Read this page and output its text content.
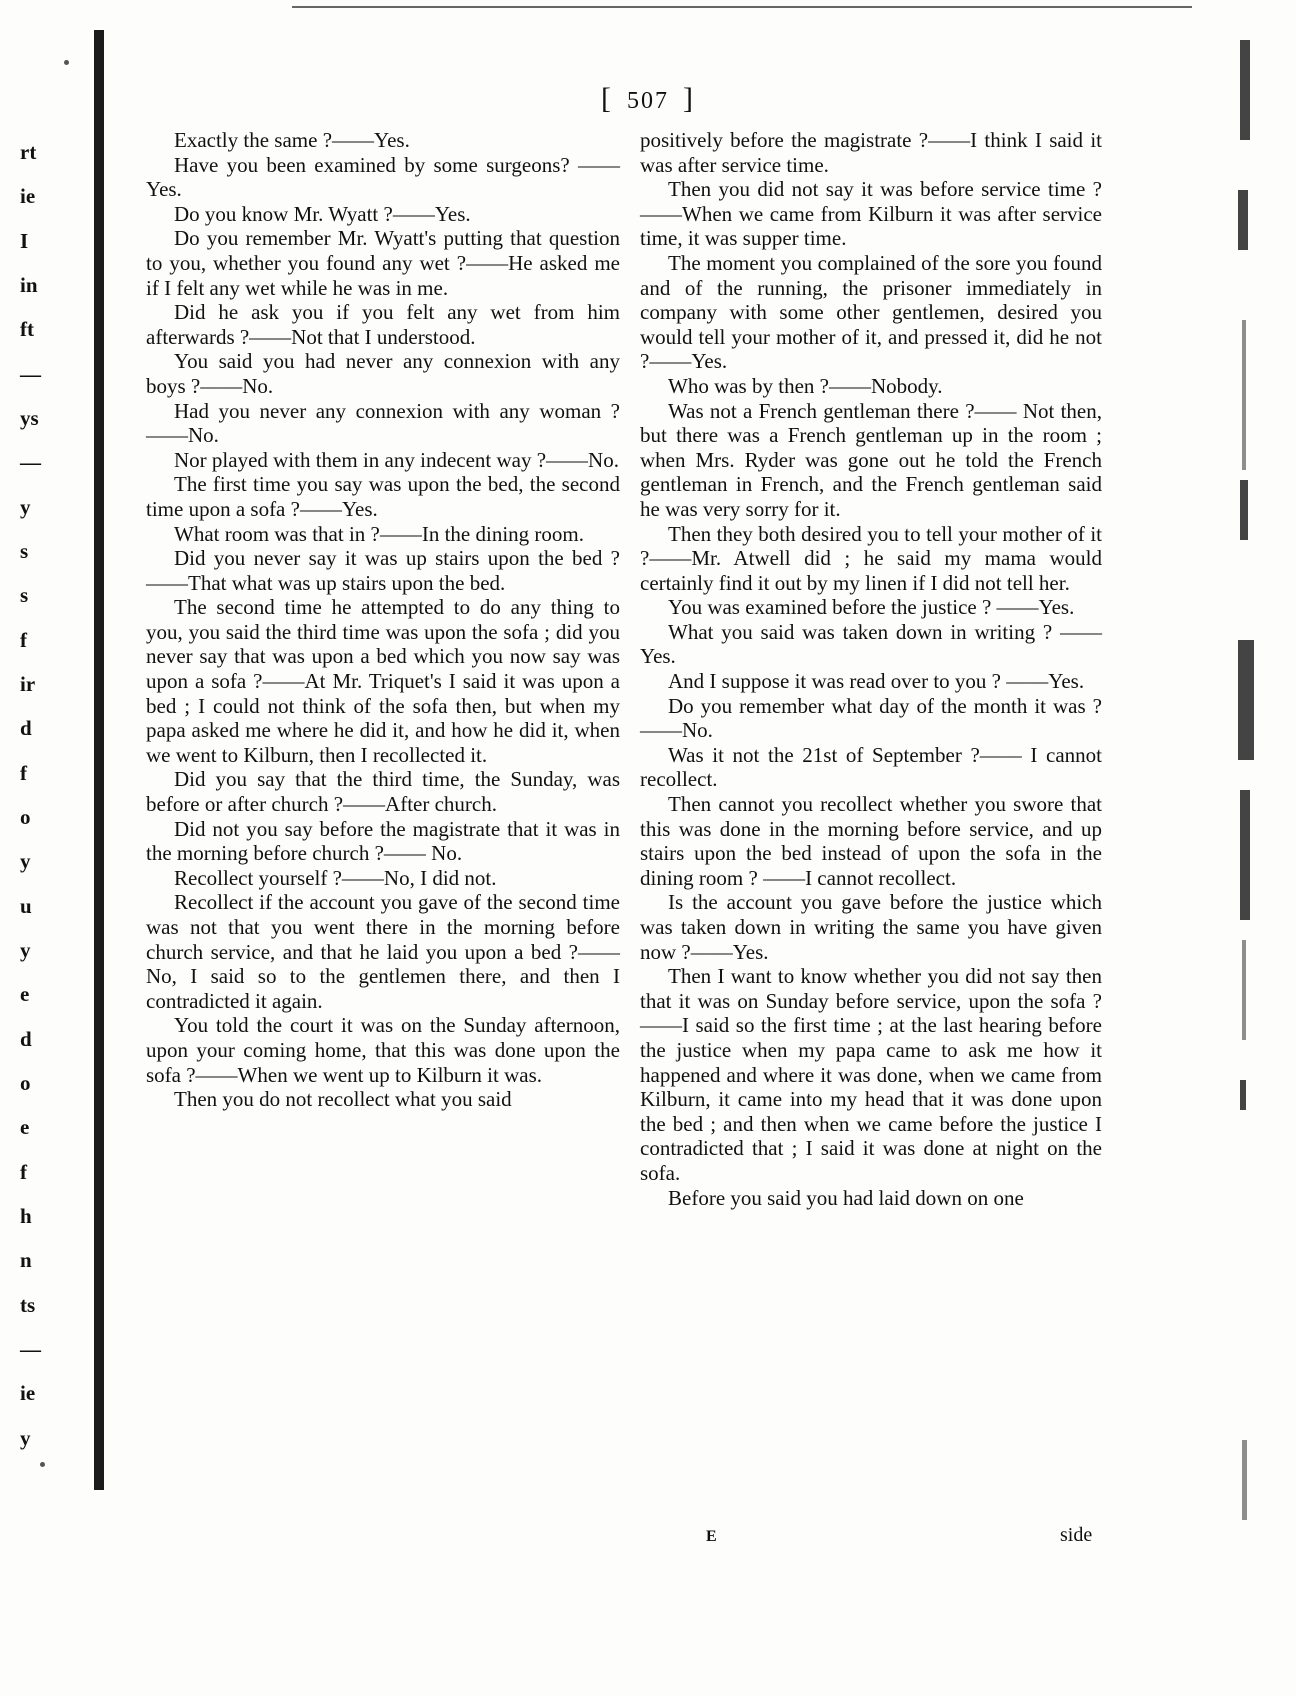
[ 507 ]
rt
ie
I
in
ft
—
ys
—
y
s
s
f
ir
d
f
o
y
u
y
e
d
o
e
f
h
n
ts
—
ie
y

Exactly the same ?——Yes.

Have you been examined by some surgeons? ——Yes.

Do you know Mr. Wyatt ?——Yes.

Do you remember Mr. Wyatt's putting that question to you, whether you found any wet ?——He asked me if I felt any wet while he was in me.

Did he ask you if you felt any wet from him afterwards ?——Not that I understood.

You said you had never any connexion with any boys ?——No.

Had you never any connexion with any woman ?——No.

Nor played with them in any indecent way ?——No.

The first time you say was upon the bed, the second time upon a sofa ?——Yes.

What room was that in ?——In the dining room.

Did you never say it was up stairs upon the bed ?——That what was up stairs upon the bed.

The second time he attempted to do any thing to you, you said the third time was upon the sofa ; did you never say that was upon a bed which you now say was upon a sofa ?——At Mr. Triquet's I said it was upon a bed ; I could not think of the sofa then, but when my papa asked me where he did it, and how he did it, when we went to Kilburn, then I recollected it.

Did you say that the third time, the Sunday, was before or after church ?——After church.

Did not you say before the magistrate that it was in the morning before church ?—— No.

Recollect yourself ?——No, I did not.

Recollect if the account you gave of the second time was not that you went there in the morning before church service, and that he laid you upon a bed ?——No, I said so to the gentlemen there, and then I contradicted it again.

You told the court it was on the Sunday afternoon, upon your coming home, that this was done upon the sofa ?——When we went up to Kilburn it was.

Then you do not recollect what you said

positively before the magistrate ?——I think I said it was after service time.

Then you did not say it was before service time ?——When we came from Kilburn it was after service time, it was supper time.

The moment you complained of the sore you found and of the running, the prisoner immediately in company with some other gentlemen, desired you would tell your mother of it, and pressed it, did he not ?——Yes.

Who was by then ?——Nobody.

Was not a French gentleman there ?—— Not then, but there was a French gentleman up in the room ; when Mrs. Ryder was gone out he told the French gentleman in French, and the French gentleman said he was very sorry for it.

Then they both desired you to tell your mother of it ?——Mr. Atwell did ; he said my mama would certainly find it out by my linen if I did not tell her.

You was examined before the justice ? ——Yes.

What you said was taken down in writing ? ——Yes.

And I suppose it was read over to you ? ——Yes.

Do you remember what day of the month it was ?——No.

Was it not the 21st of September ?—— I cannot recollect.

Then cannot you recollect whether you swore that this was done in the morning before service, and up stairs upon the bed instead of upon the sofa in the dining room ? ——I cannot recollect.

Is the account you gave before the justice which was taken down in writing the same you have given now ?——Yes.

Then I want to know whether you did not say then that it was on Sunday before service, upon the sofa ?——I said so the first time ; at the last hearing before the justice when my papa came to ask me how it happened and where it was done, when we came from Kilburn, it came into my head that it was done upon the bed ; and then when we came before the justice I contradicted that ; I said it was done at night on the sofa.

Before you said you had laid down on one

E	side
